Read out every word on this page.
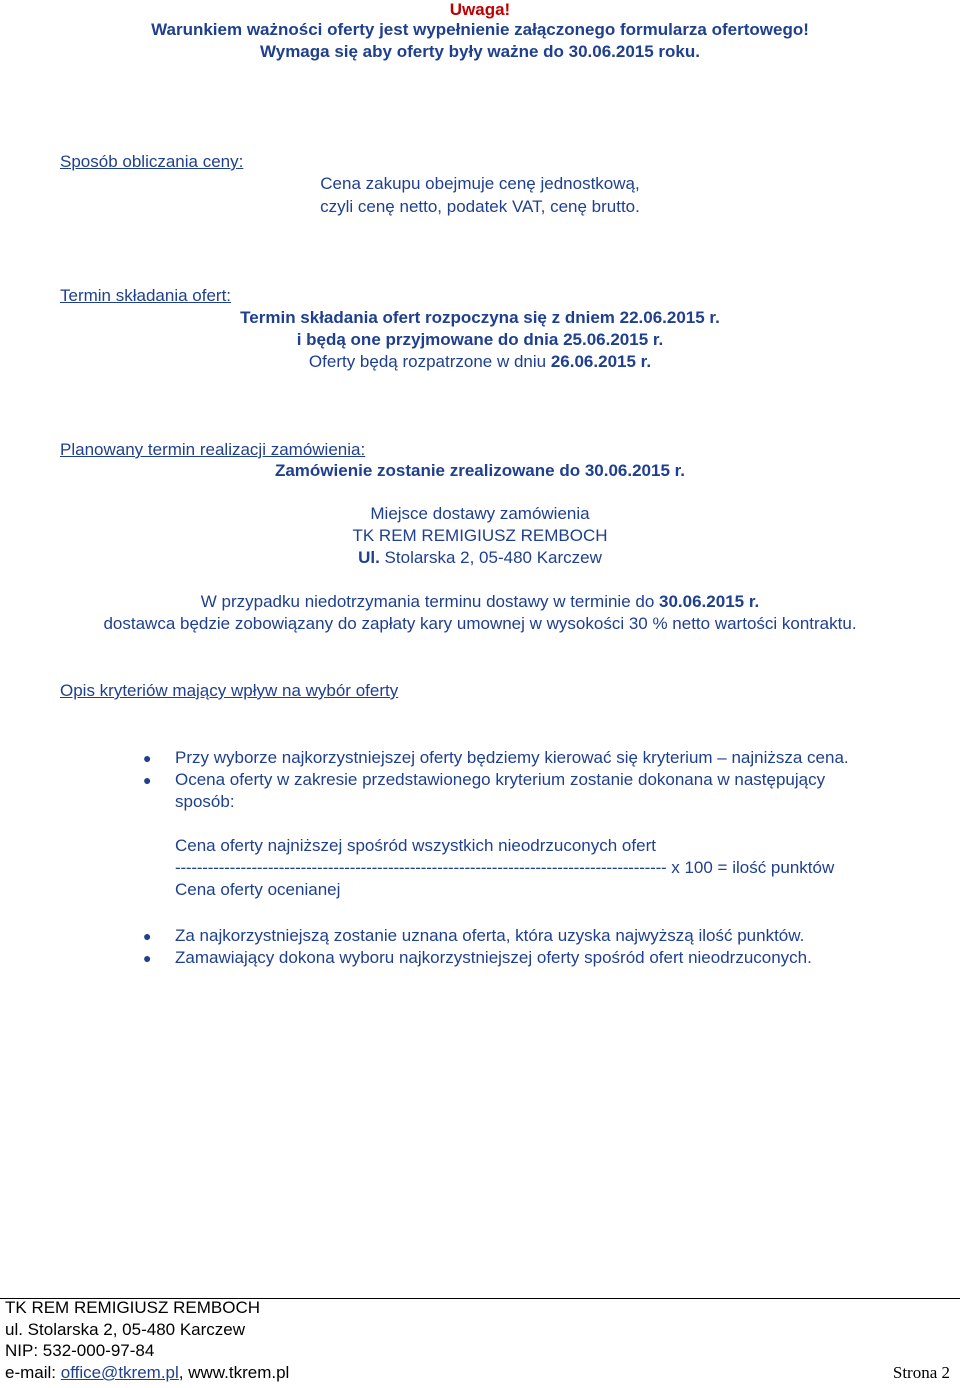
Uwaga!
Warunkiem ważności oferty jest wypełnienie załączonego formularza ofertowego!
Wymaga się aby oferty były ważne do 30.06.2015 roku.
Sposób obliczania ceny:
Cena zakupu obejmuje cenę jednostkową,
czyli cenę netto, podatek VAT, cenę brutto.
Termin składania ofert:
Termin składania ofert rozpoczyna się z dniem 22.06.2015 r.
i będą one przyjmowane do dnia 25.06.2015 r.
Oferty będą rozpatrzone w dniu 26.06.2015 r.
Planowany termin realizacji zamówienia:
Zamówienie zostanie zrealizowane do 30.06.2015 r.
Miejsce dostawy zamówienia
TK REM REMIGIUSZ REMBOCH
Ul. Stolarska 2, 05-480 Karczew
W przypadku niedotrzymania terminu dostawy w terminie do 30.06.2015 r.
dostawca będzie zobowiązany do zapłaty kary umownej w wysokości 30 % netto wartości kontraktu.
Opis kryteriów mający wpływ na wybór oferty
● Przy wyborze najkorzystniejszej oferty będziemy kierować się kryterium – najniższa cena.
● Ocena oferty w zakresie przedstawionego kryterium zostanie dokonana w następujący
sposób:
Cena oferty najniższej spośród wszystkich nieodrzuconych ofert
------------------------------------------------------------------------------------------ x 100 = ilość punktów
Cena oferty ocenianej
● Za najkorzystniejszą zostanie uznana oferta, która uzyska najwyższą ilość punktów.
● Zamawiający dokona wyboru najkorzystniejszej oferty spośród ofert nieodrzuconych.
TK REM REMIGIUSZ REMBOCH
ul. Stolarska 2, 05-480 Karczew
NIP: 532-000-97-84
e-mail: office@tkrem.pl, www.tkrem.pl	Strona 2
